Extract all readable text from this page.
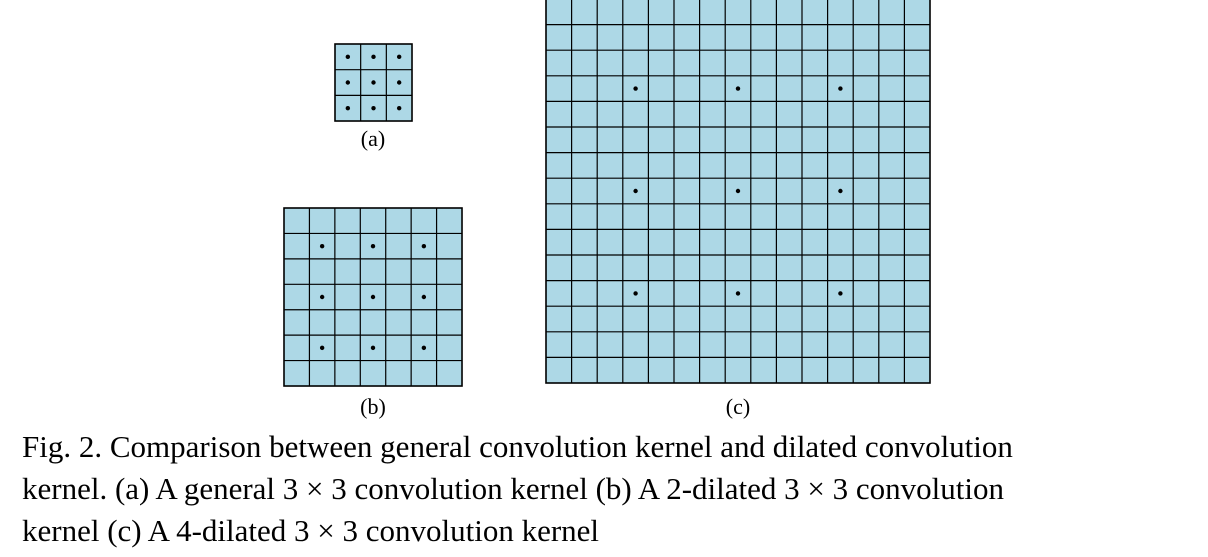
(a)
(b)	(c)
Fig. 2. Comparison between general convolution kernel and dilated convolution
kernel. (a) A general 3 × 3 convolution kernel (b) A 2-dilated 3 × 3 convolution
kernel (c) A 4-dilated 3 × 3 convolution kernel
